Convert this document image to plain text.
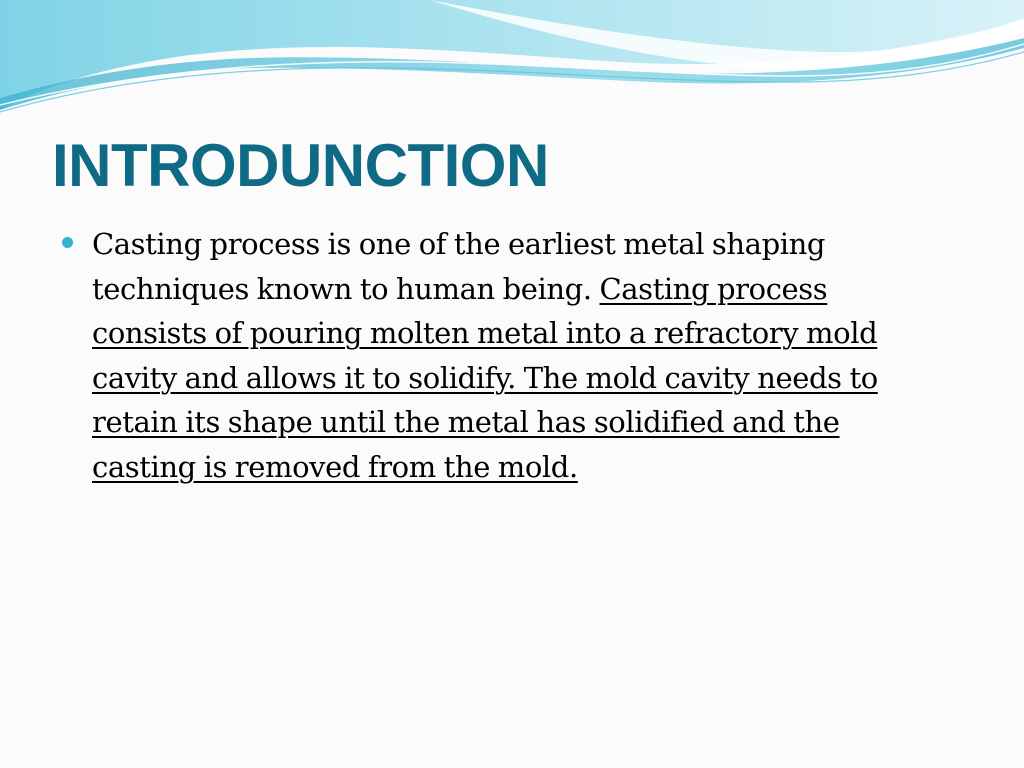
INTRODUNCTION
Casting process is one of the earliest metal shaping techniques known to human being. Casting process consists of pouring molten metal into a refractory mold cavity and allows it to solidify. The mold cavity needs to retain its shape until the metal has solidified and the casting is removed from the mold.
